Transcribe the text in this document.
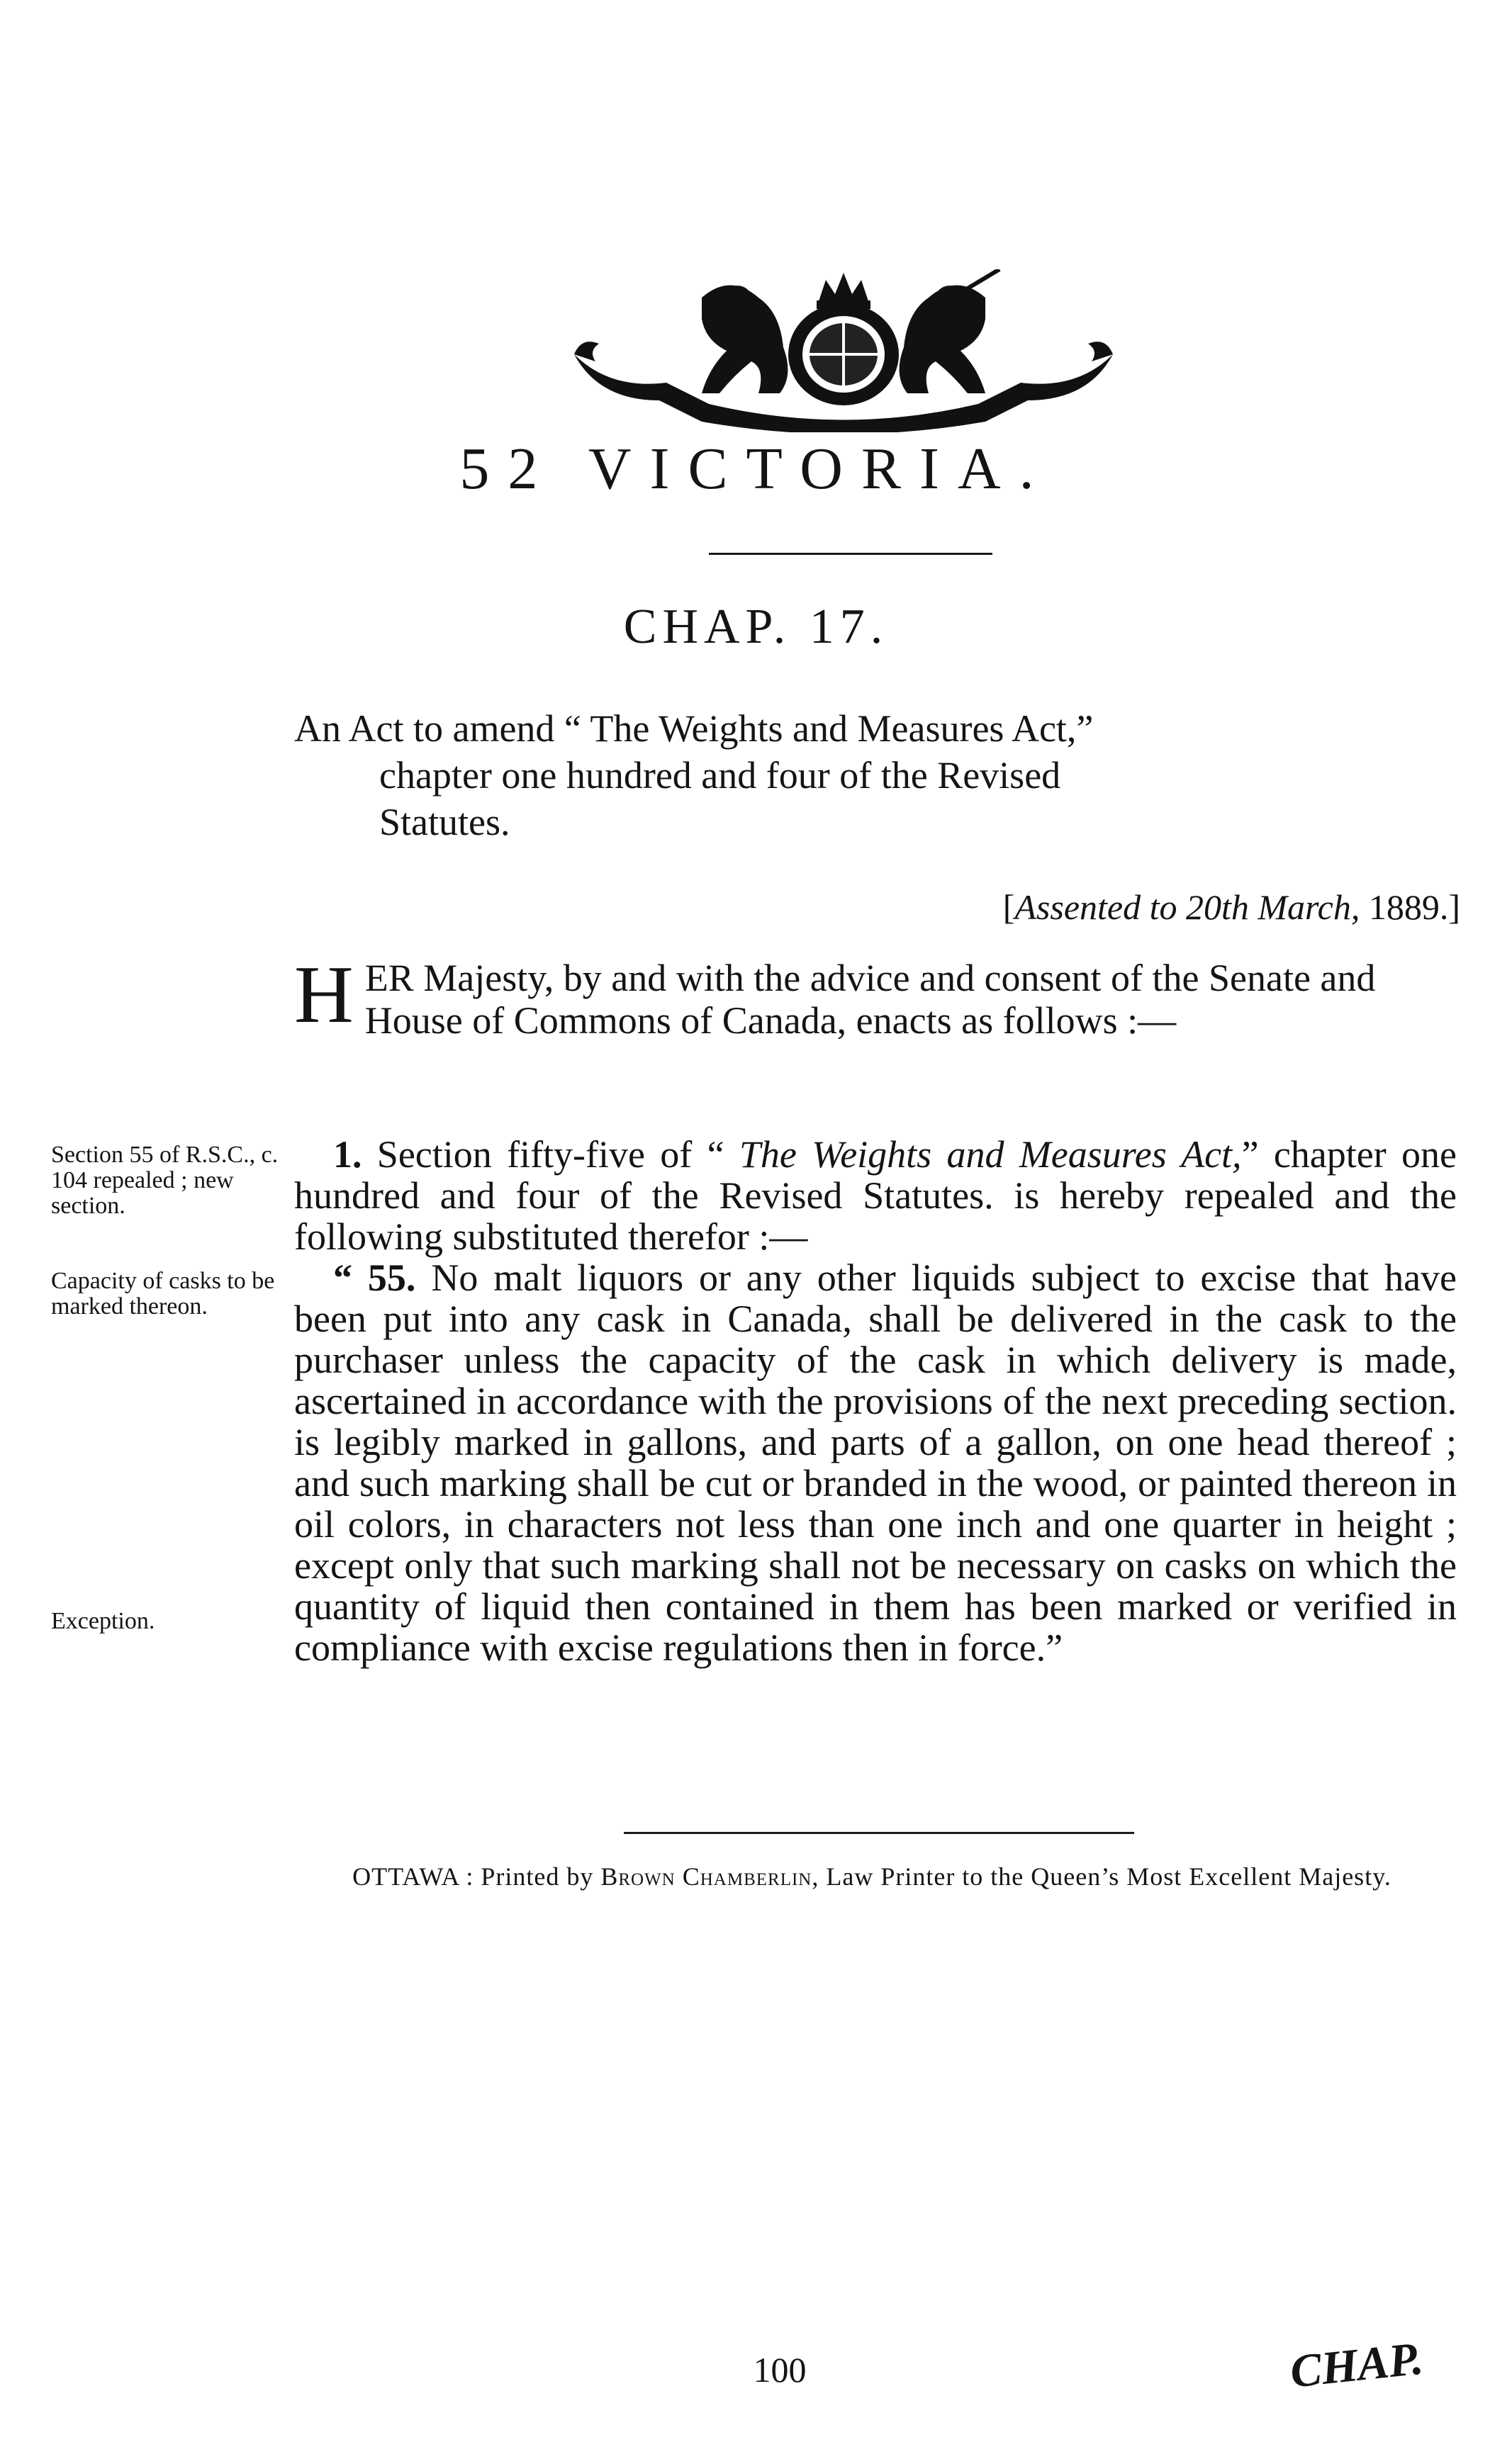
52 VICTORIA.
CHAP. 17.
An Act to amend “ The Weights and Measures Act,”
chapter one hundred and four of the Revised
Statutes.
[Assented to 20th March, 1889.]
H ER Majesty, by and with the advice and consent of the Senate and House of Commons of Canada, enacts as follows :—

Section 55 of R.S.C., c. 104 repealed ; new section.
Capacity of casks to be marked thereon.
Exception.

1. Section fifty-five of “ The Weights and Measures Act,” chapter one hundred and four of the Revised Statutes. is hereby repealed and the following substituted therefor :—

“ 55. No malt liquors or any other liquids subject to excise that have been put into any cask in Canada, shall be delivered in the cask to the purchaser unless the capacity of the cask in which delivery is made, ascertained in accordance with the provisions of the next preceding section. is legibly marked in gallons, and parts of a gallon, on one head thereof ; and such marking shall be cut or branded in the wood, or painted thereon in oil colors, in characters not less than one inch and one quarter in height ; except only that such marking shall not be necessary on casks on which the quantity of liquid then contained in them has been marked or verified in compliance with excise regulations then in force.”

OTTAWA : Printed by Brown Chamberlin, Law Printer to the Queen’s Most Excellent Majesty.
100	CHAP.
